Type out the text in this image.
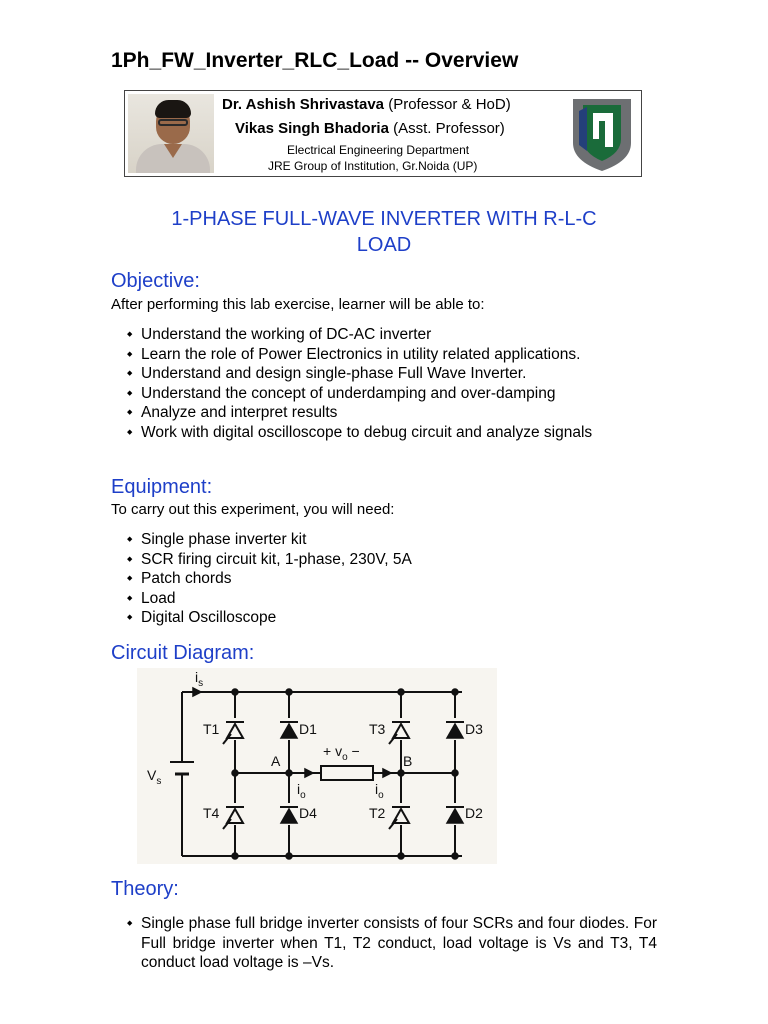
1Ph_FW_Inverter_RLC_Load -- Overview
Dr. Ashish Shrivastava (Professor & HoD)
Vikas Singh Bhadoria (Asst. Professor)
Electrical Engineering Department
JRE Group of Institution, Gr.Noida (UP)
1-PHASE FULL-WAVE INVERTER WITH R-L-C
LOAD
Objective:
After performing this lab exercise, learner will be able to:
◆ Understand the working of DC-AC inverter
◆ Learn the role of Power Electronics in utility related applications.
◆ Understand and design single-phase Full Wave Inverter.
◆ Understand the concept of underdamping and over-damping
◆ Analyze and interpret results
◆ Work with digital oscilloscope to debug circuit and analyze signals
Equipment:
To carry out this experiment, you will need:
◆ Single phase inverter kit
◆ SCR firing circuit kit, 1-phase, 230V, 5A
◆ Patch chords
◆ Load
◆ Digital Oscilloscope
Circuit Diagram:
$i_s$
$V_s$
T1	D1	T3	D3
T4	D4	T2	D2
A	B
+ $v_o$ −
$i_o$	$i_o$
Theory:
◆ Single phase full bridge inverter consists of four SCRs and four diodes. For Full bridge inverter when T1, T2 conduct, load voltage is Vs and T3, T4 conduct load voltage is –Vs.
